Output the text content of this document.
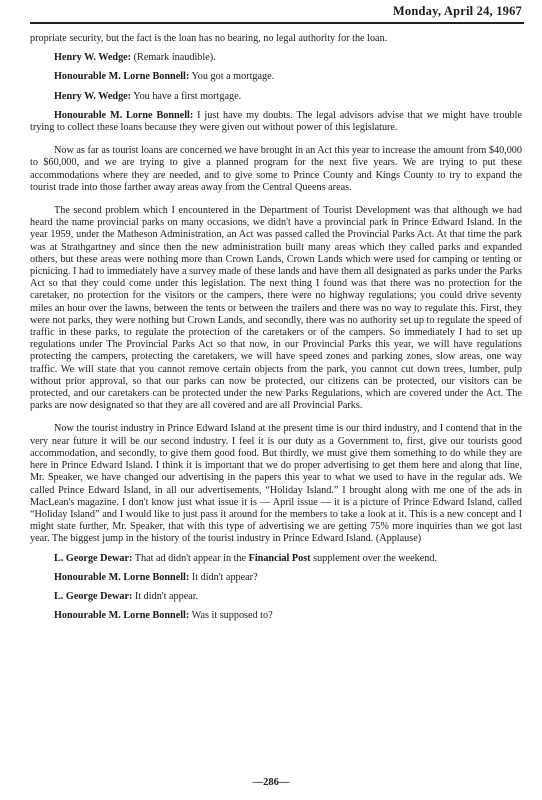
Monday, April 24, 1967

propriate security, but the fact is the loan has no bearing, no legal authority for the loan.

Henry W. Wedge: (Remark inaudible).

Honourable M. Lorne Bonnell: You got a mortgage.

Henry W. Wedge: You have a first mortgage.

Honourable M. Lorne Bonnell: I just have my doubts. The legal advisors advise that we might have trouble trying to collect these loans because they were given out without power of this legislature.

Now as far as tourist loans are concerned we have brought in an Act this year to increase the amount from $40,000 to $60,000, and we are trying to give a planned program for the next five years. We are trying to put these accommodations where they are needed, and to give some to Prince County and Kings County to try to expand the tourist trade into those farther away areas away from the Central Queens areas.

The second problem which I encountered in the Department of Tourist Development was that although we had heard the name provincial parks on many occasions, we didn't have a provincial park in Prince Edward Island. In the year 1959, under the Matheson Administration, an Act was passed called the Provincial Parks Act. At that time the park was at Strathgartney and since then the new administration built many areas which they called parks and expanded others, but these areas were nothing more than Crown Lands, Crown Lands which were used for camping or tenting or picnicing. I had to immediately have a survey made of these lands and have them all designated as parks under the Parks Act so that they could come under this legislation. The next thing I found was that there was no protection for the caretaker, no protection for the visitors or the campers, there were no highway regulations; you could drive seventy miles an hour over the lawns, between the tents or between the trailers and there was no way to regulate this. First, they were not parks, they were nothing but Crown Lands, and secondly, there was no authority set up to regulate the speed of traffic in these parks, to regulate the protection of the caretakers or of the campers. So immediately I had to set up regulations under The Provincial Parks Act so that now, in our Provincial Parks this year, we will have regulations protecting the campers, protecting the caretakers, we will have speed zones and parking zones, slow areas, one way traffic. We will state that you cannot remove certain objects from the park, you cannot cut down trees, lumber, pulp without prior approval, so that our parks can now be protected, our citizens can be protected, our visitors can be protected, and our caretakers can be protected under the new Parks Regulations, which are covered under the Act. The parks are now designated so that they are all covered and are all Provincial Parks.

Now the tourist industry in Prince Edward Island at the present time is our third industry, and I contend that in the very near future it will be our second industry. I feel it is our duty as a Government to, first, give our tourists good accommodation, and secondly, to give them good food. But thirdly, we must give them something to do while they are here in Prince Edward Island. I think it is important that we do proper advertising to get them here and along that line, Mr. Speaker, we have changed our advertising in the papers this year to what we used to have in the regular ads. We called Prince Edward Island, in all our advertisements, “Holiday Island.” I brought along with me one of the ads in MacLean's magazine. I don't know just what issue it is — April issue — it is a picture of Prince Edward Island, called “Holiday Island” and I would like to just pass it around for the members to take a look at it. This is a new concept and I might state further, Mr. Speaker, that with this type of advertising we are getting 75% more inquiries than we got last year. The biggest jump in the history of the tourist industry in Prince Edward Island. (Applause)

L. George Dewar: That ad didn't appear in the Financial Post supplement over the weekend.

Honourable M. Lorne Bonnell: It didn't appear?

L. George Dewar: It didn't appear.

Honourable M. Lorne Bonnell: Was it supposed to?

—286—
